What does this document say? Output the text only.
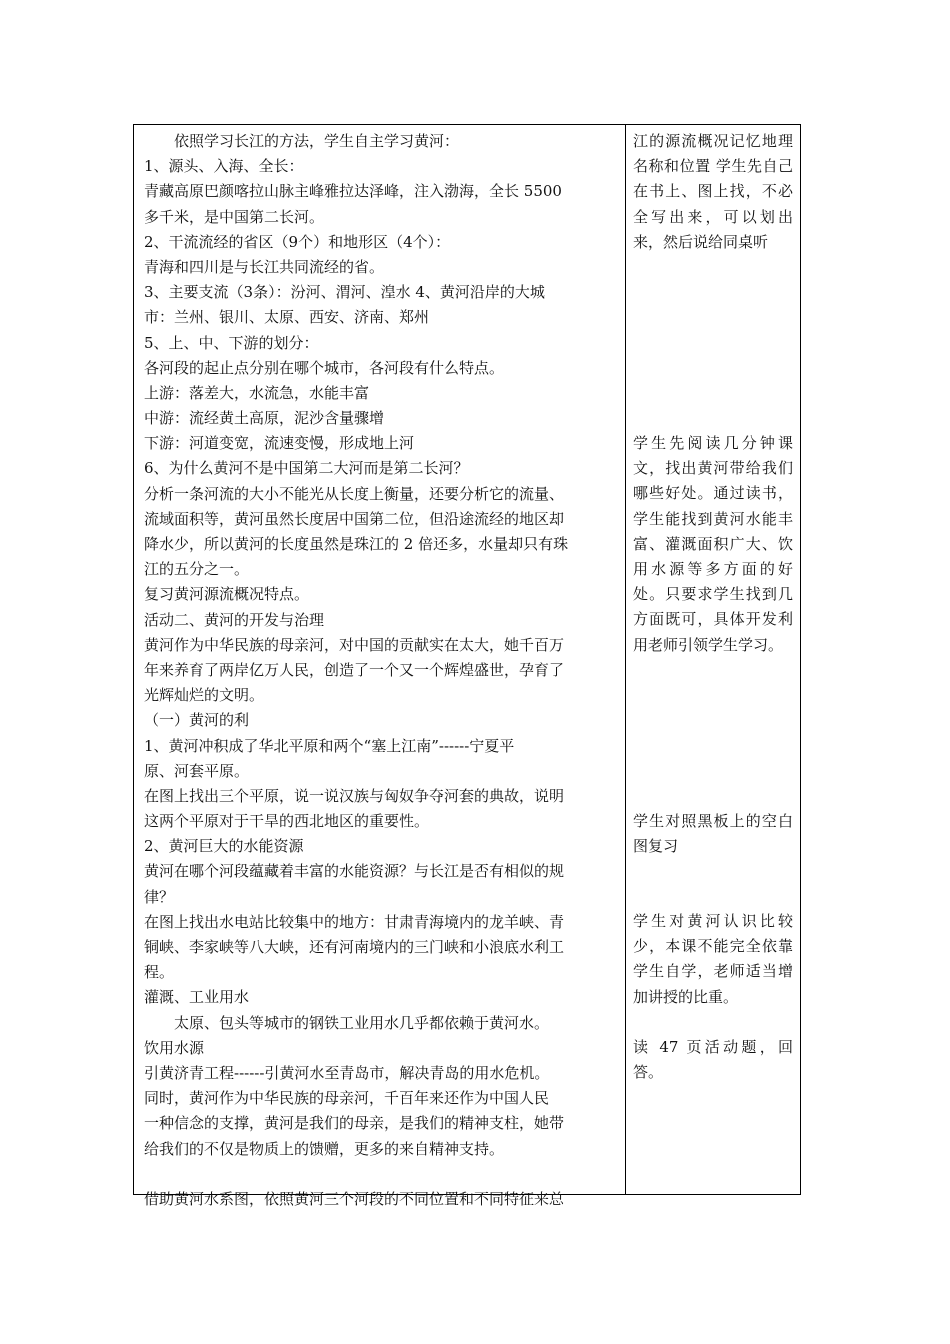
依照学习长江的方法，学生自主学习黄河：
1、源头、入海、全长：
青藏高原巴颜喀拉山脉主峰雅拉达泽峰，注入渤海，全长 5500
多千米，是中国第二长河。
2、干流流经的省区（9个）和地形区（4个）：
青海和四川是与长江共同流经的省。
3、主要支流（3条）：汾河、渭河、湟水 4、黄河沿岸的大城
市：兰州、银川、太原、西安、济南、郑州
5、上、中、下游的划分：
各河段的起止点分别在哪个城市，各河段有什么特点。
上游：落差大，水流急，水能丰富
中游：流经黄土高原，泥沙含量骤增
下游：河道变宽，流速变慢，形成地上河
6、为什么黄河不是中国第二大河而是第二长河？
分析一条河流的大小不能光从长度上衡量，还要分析它的流量、
流域面积等，黄河虽然长度居中国第二位，但沿途流经的地区却
降水少，所以黄河的长度虽然是珠江的 2 倍还多，水量却只有珠
江的五分之一。
复习黄河源流概况特点。
活动二、黄河的开发与治理
黄河作为中华民族的母亲河，对中国的贡献实在太大，她千百万
年来养育了两岸亿万人民，创造了一个又一个辉煌盛世，孕育了
光辉灿烂的文明。
（一）黄河的利
1、黄河冲积成了华北平原和两个“塞上江南”------宁夏平
原、河套平原。
在图上找出三个平原，说一说汉族与匈奴争夺河套的典故，说明
这两个平原对于干旱的西北地区的重要性。
2、黄河巨大的水能资源
黄河在哪个河段蕴藏着丰富的水能资源？与长江是否有相似的规
律？
在图上找出水电站比较集中的地方：甘肃青海境内的龙羊峡、青
铜峡、李家峡等八大峡，还有河南境内的三门峡和小浪底水利工
程。
灌溉、工业用水
太原、包头等城市的钢铁工业用水几乎都依赖于黄河水。
饮用水源
引黄济青工程------引黄河水至青岛市，解决青岛的用水危机。
同时，黄河作为中华民族的母亲河，千百年来还作为中国人民
一种信念的支撑，黄河是我们的母亲，是我们的精神支柱，她带
给我们的不仅是物质上的馈赠，更多的来自精神支持。
借助黄河水系图，依照黄河三个河段的不同位置和不同特征来总
江的源流概况记忆地理名称和位置 学生先自己在书上、图上找，不必全写出来，可以划出来，然后说给同桌听
学生先阅读几分钟课文，找出黄河带给我们哪些好处。通过读书，学生能找到黄河水能丰富、灌溉面积广大、饮用水源等多方面的好处。只要求学生找到几方面既可，具体开发利用老师引领学生学习。
学生对照黑板上的空白图复习
学生对黄河认识比较少，本课不能完全依靠学生自学，老师适当增加讲授的比重。
读 47 页活动题，回答。
